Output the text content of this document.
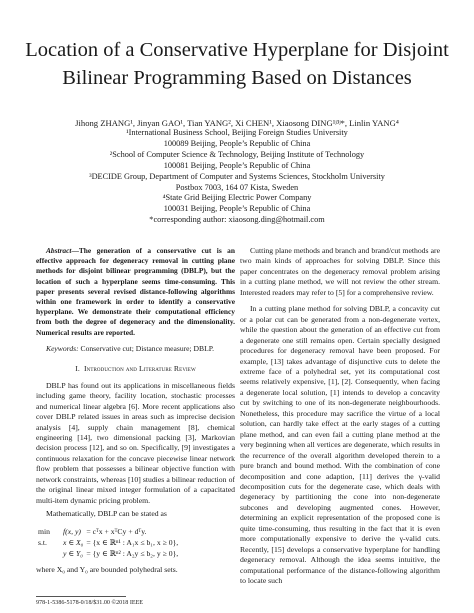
Location of a Conservative Hyperplane for Disjoint
Bilinear Programming Based on Distances
Jihong ZHANG¹, Jinyan GAO¹, Tian YANG², Xi CHEN¹, Xiaosong DING¹ʲ³ʲ*, Linlin YANG⁴
¹International Business School, Beijing Foreign Studies University
100089 Beijing, People’s Republic of China
²School of Computer Science & Technology, Beijing Institute of Technology
100081 Beijing, People’s Republic of China
³DECIDE Group, Department of Computer and Systems Sciences, Stockholm University
Postbox 7003, 164 07 Kista, Sweden
⁴State Grid Beijing Electric Power Company
100031 Beijing, People’s Republic of China
*corresponding author: xiaosong.ding@hotmail.com

Abstract—The generation of a conservative cut is an effective approach for degeneracy removal in cutting plane methods for disjoint bilinear programming (DBLP), but the location of such a hyperplane seems time-consuming. This paper presents several revised distance-following algorithms within one framework in order to identify a conservative hyperplane. We demonstrate their computational efficiency from both the degree of degeneracy and the dimensionality. Numerical results are reported.

Keywords: Conservative cut; Distance measure; DBLP.

I. Introduction and Literature Review

DBLP has found out its applications in miscellaneous fields including game theory, facility location, stochastic processes and numerical linear algebra [6]. More recent applications also cover DBLP related issues in areas such as imprecise decision analysis [4], supply chain management [8], chemical engineering [14], two dimensional packing [3], Markovian decision process [12], and so on. Specifically, [9] investigates a continuous relaxation for the concave piecewise linear network flow problem that possesses a bilinear objective function with network constraints, whereas [10] studies a bilinear reduction of the original linear mixed integer formulation of a capacitated multi-item dynamic pricing problem.

Mathematically, DBLP can be stated as

min	f(x, y)	= cᵀx + xᵀCy + dᵀy.
s.t.	x ∈ X₀	= {x ∈ ℝⁿ¹ : A₁x ≤ b₁, x ≥ 0},
	y ∈ Y₀	= {y ∈ ℝⁿ² : A₂y ≤ b₂, y ≥ 0},

where X₀ and Y₀ are bounded polyhedral sets.

Cutting plane methods and branch and brand/cut methods are two main kinds of approaches for solving DBLP. Since this paper concentrates on the degeneracy removal problem arising in a cutting plane method, we will not review the other stream. Interested readers may refer to [5] for a comprehensive review.

In a cutting plane method for solving DBLP, a concavity cut or a polar cut can be generated from a non-degenerate vertex, while the question about the generation of an effective cut from a degenerate one still remains open. Certain specially designed procedures for degeneracy removal have been proposed. For example, [13] takes advantage of disjunctive cuts to delete the extreme face of a polyhedral set, yet its computational cost seems relatively expensive, [1], [2]. Consequently, when facing a degenerate local solution, [1] intends to develop a concavity cut by switching to one of its non-degenerate neighbourhoods. Nonetheless, this procedure may sacrifice the virtue of a local solution, can hardly take effect at the early stages of a cutting plane method, and can even fail a cutting plane method at the very beginning when all vertices are degenerate, which results in the recurrence of the overall algorithm developed therein to a pure branch and bound method. With the combination of cone decomposition and cone adaption, [11] derives the γ-valid decomposition cuts for the degenerate case, which deals with degeneracy by partitioning the cone into non-degenerate subcones and developing augmented cones. However, determining an explicit representation of the proposed cone is quite time-consuming, thus resulting in the fact that it is even more computationally expensive to derive the γ-valid cuts. Recently, [15] develops a conservative hyperplane for handling degeneracy removal. Although the idea seems intuitive, the computational performance of the distance-following algorithm to locate such

978-1-5386-5178-0/18/$31.00 ©2018 IEEE
